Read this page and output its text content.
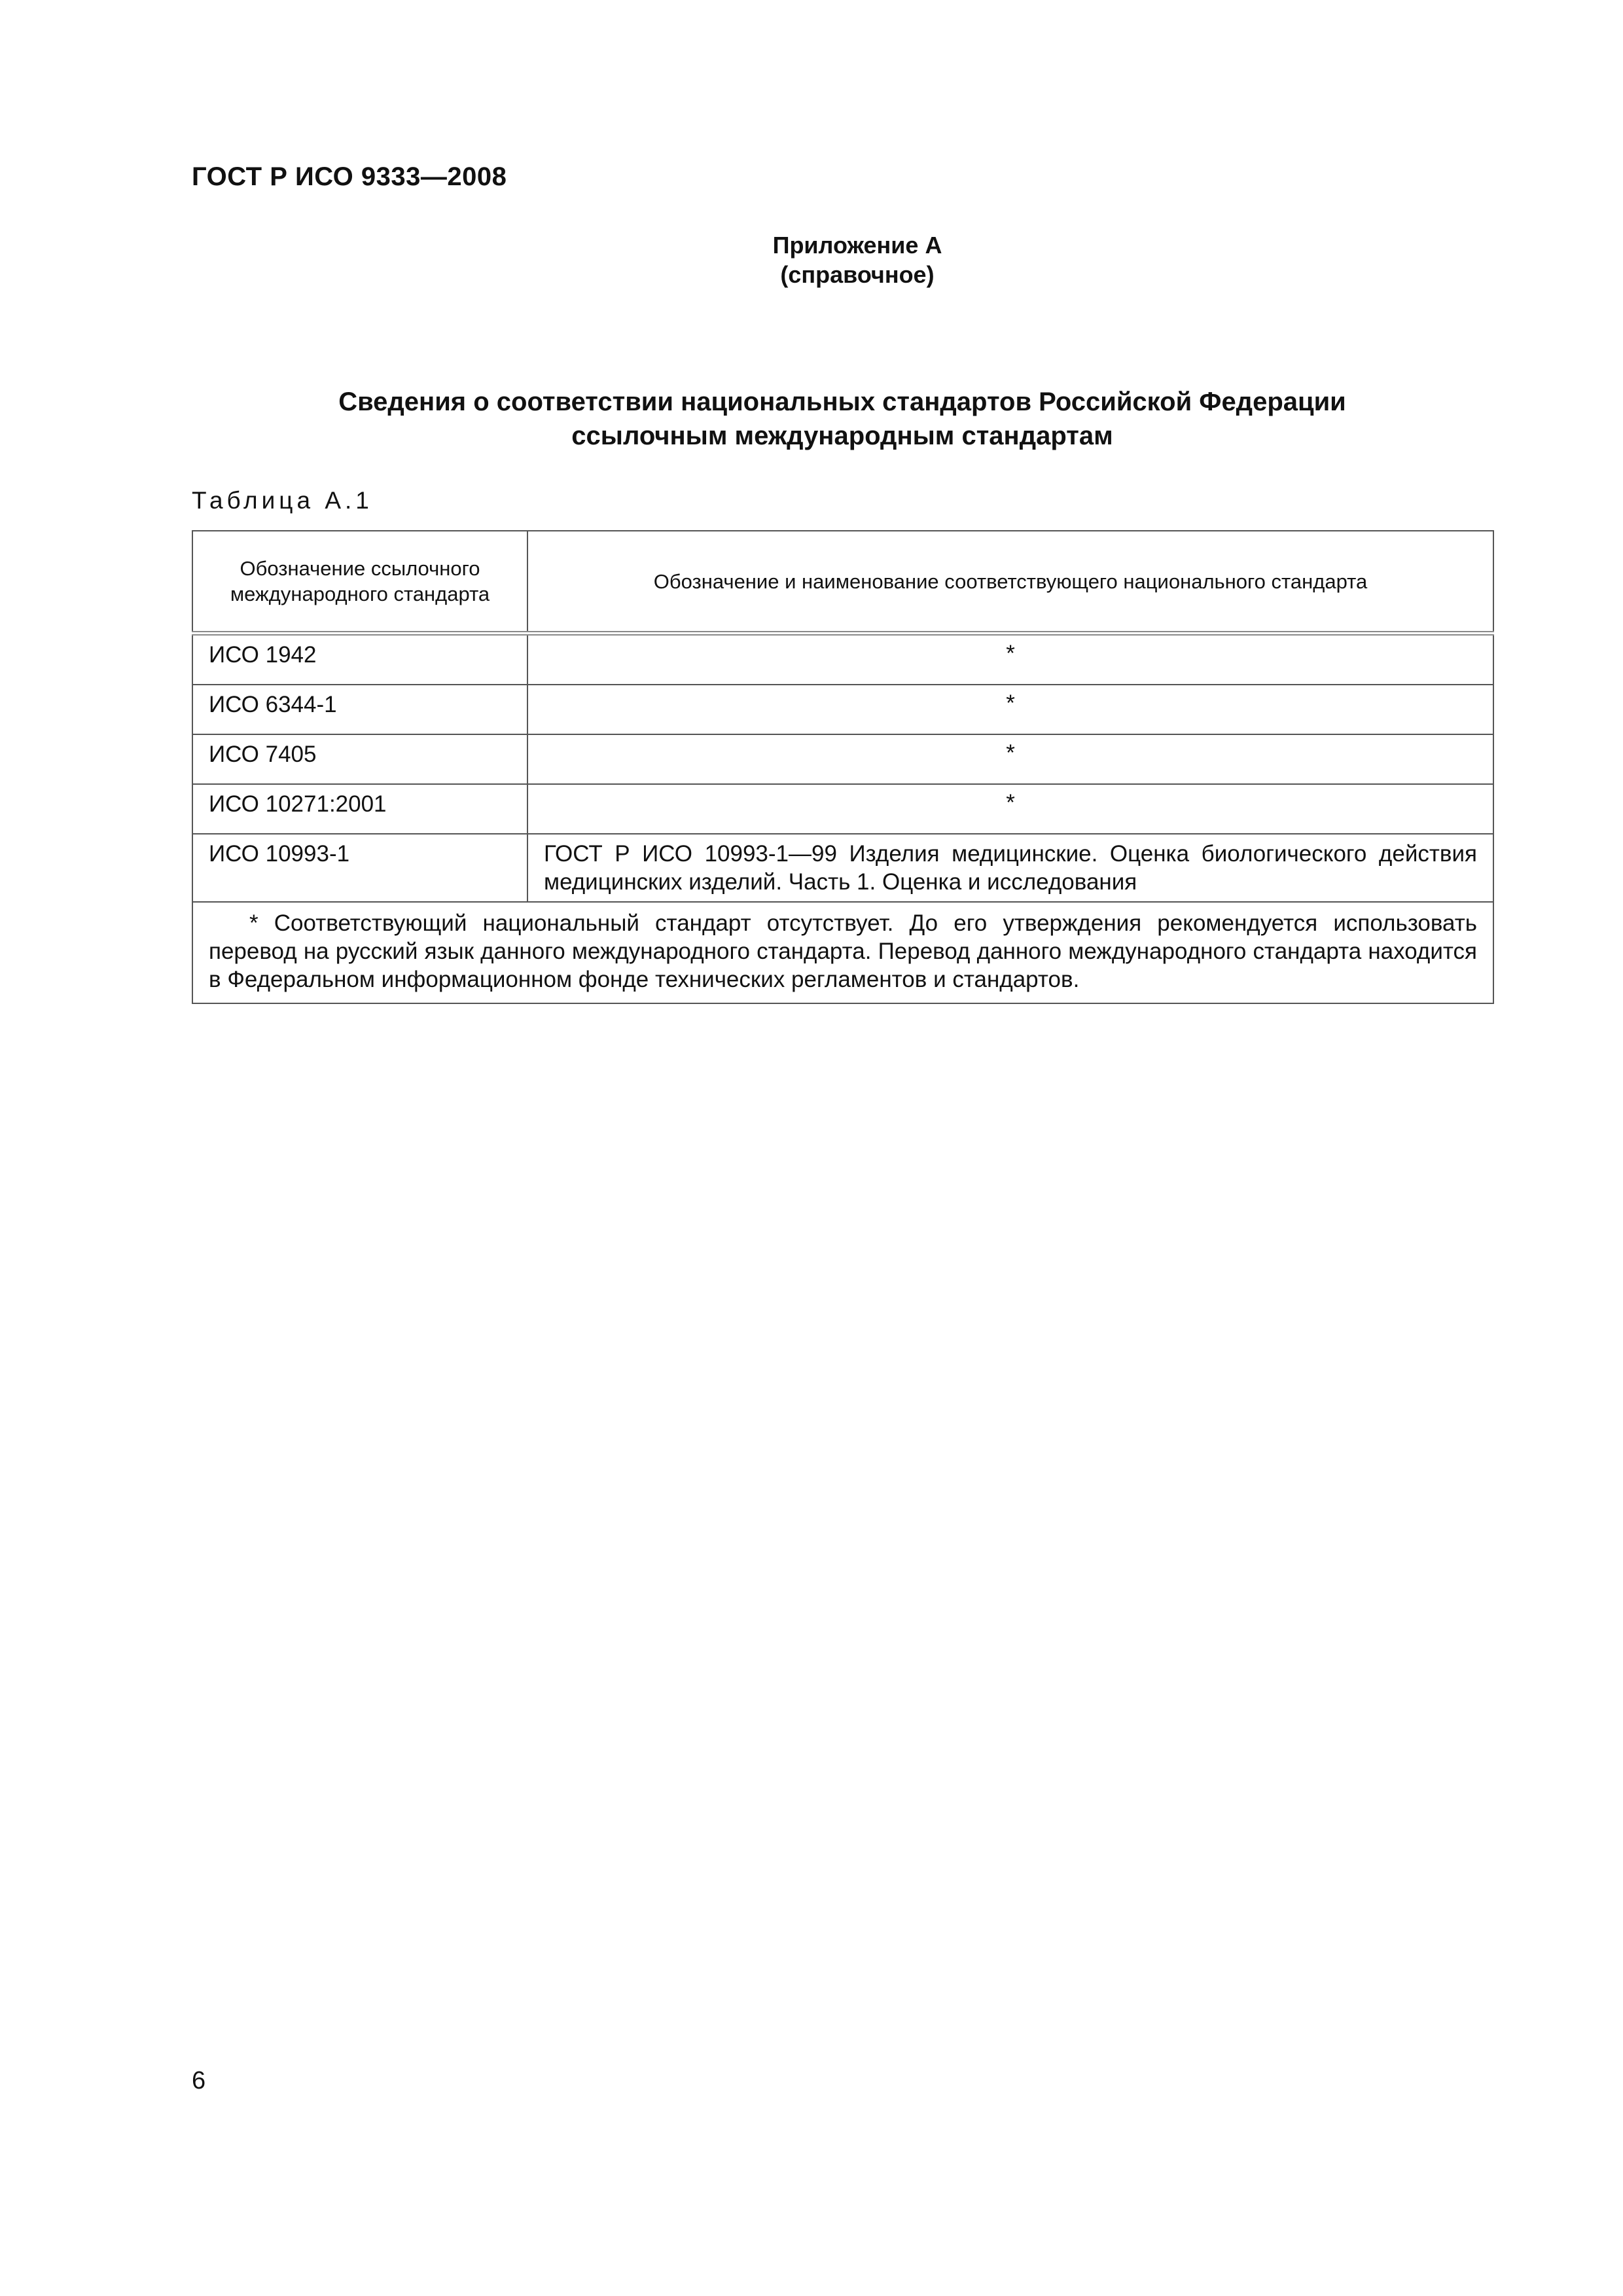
ГОСТ Р ИСО 9333—2008
Приложение А
(справочное)
Сведения о соответствии национальных стандартов Российской Федерации
ссылочным международным стандартам
Таблица А.1
Обозначение ссылочного международного стандарта	Обозначение и наименование соответствующего национального стандарта
ИСО 1942	*
ИСО 6344-1	*
ИСО 7405	*
ИСО 10271:2001	*
ИСО 10993-1	ГОСТ Р ИСО 10993-1—99 Изделия медицинские. Оценка биологического действия медицинских изделий. Часть 1. Оценка и исследования
* Соответствующий национальный стандарт отсутствует. До его утверждения рекомендуется использовать перевод на русский язык данного международного стандарта. Перевод данного международного стандарта находится в Федеральном информационном фонде технических регламентов и стандартов.	
6
